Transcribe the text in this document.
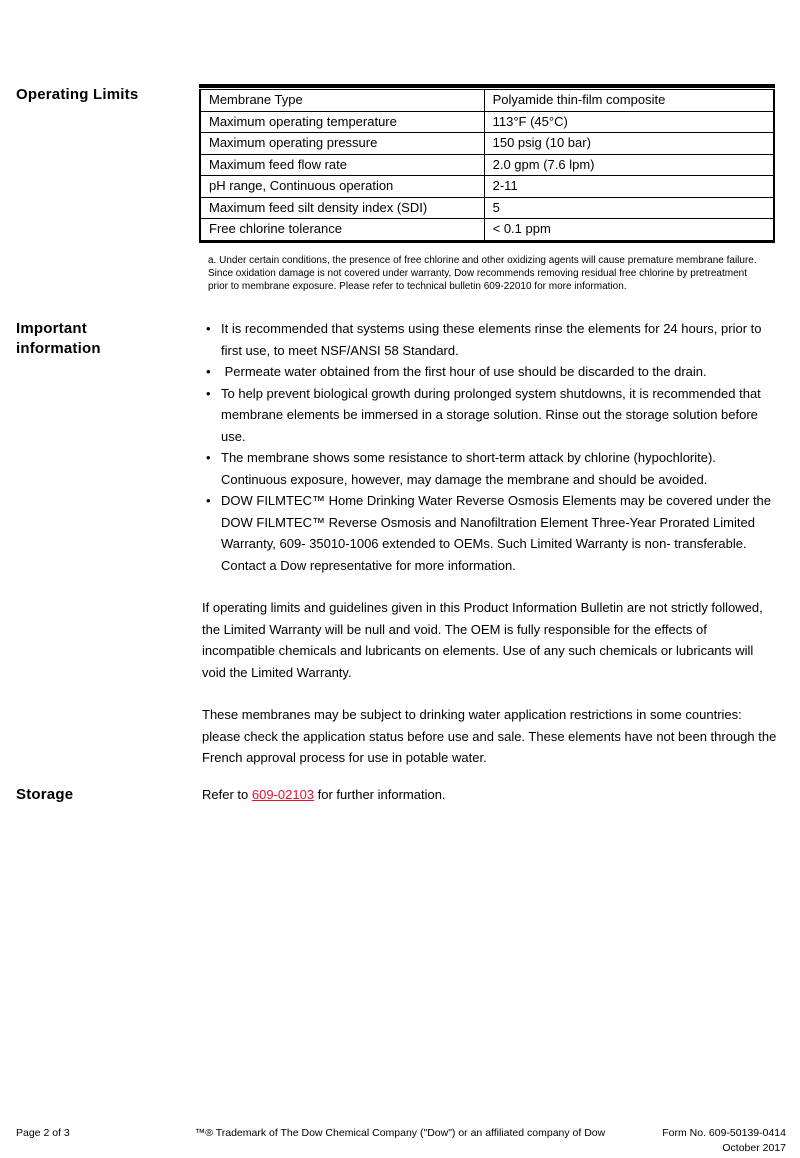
Operating Limits	Membrane Type	Polyamide thin-film composite
Maximum operating temperature	113°F (45°C)
Maximum operating pressure	150 psig (10 bar)
Maximum feed flow rate	2.0 gpm (7.6 lpm)
pH range, Continuous operation	2-11
Maximum feed silt density index (SDI)	5
Free chlorine tolerance	< 0.1 ppm
a. Under certain conditions, the presence of free chlorine and other oxidizing agents will cause premature membrane failure. Since oxidation damage is not covered under warranty, Dow recommends removing residual free chlorine by pretreatment prior to membrane exposure. Please refer to technical bulletin 609-22010 for more information.
Important information
• It is recommended that systems using these elements rinse the elements for 24 hours, prior to first use, to meet NSF/ANSI 58 Standard.
• Permeate water obtained from the first hour of use should be discarded to the drain.
• To help prevent biological growth during prolonged system shutdowns, it is recommended that membrane elements be immersed in a storage solution. Rinse out the storage solution before use.
• The membrane shows some resistance to short-term attack by chlorine (hypochlorite). Continuous exposure, however, may damage the membrane and should be avoided.
• DOW FILMTEC™ Home Drinking Water Reverse Osmosis Elements may be covered under the DOW FILMTEC™ Reverse Osmosis and Nanofiltration Element Three-Year Prorated Limited Warranty, 609- 35010-1006 extended to OEMs. Such Limited Warranty is non- transferable.  Contact a Dow representative for more information.

If operating limits and guidelines given in this Product Information Bulletin are not strictly followed, the Limited Warranty will be null and void. The OEM is fully responsible for the effects of incompatible chemicals and lubricants on elements. Use of any such chemicals or lubricants will void the Limited Warranty.

These membranes may be subject to drinking water application restrictions in some countries: please check the application status before use and sale. These elements have not been through the French approval process for use in potable water.

Storage	Refer to 609-02103 for further information.
Page 2 of 3	™® Trademark of The Dow Chemical Company ("Dow") or an affiliated company of Dow	Form No. 609-50139-0414
October 2017
